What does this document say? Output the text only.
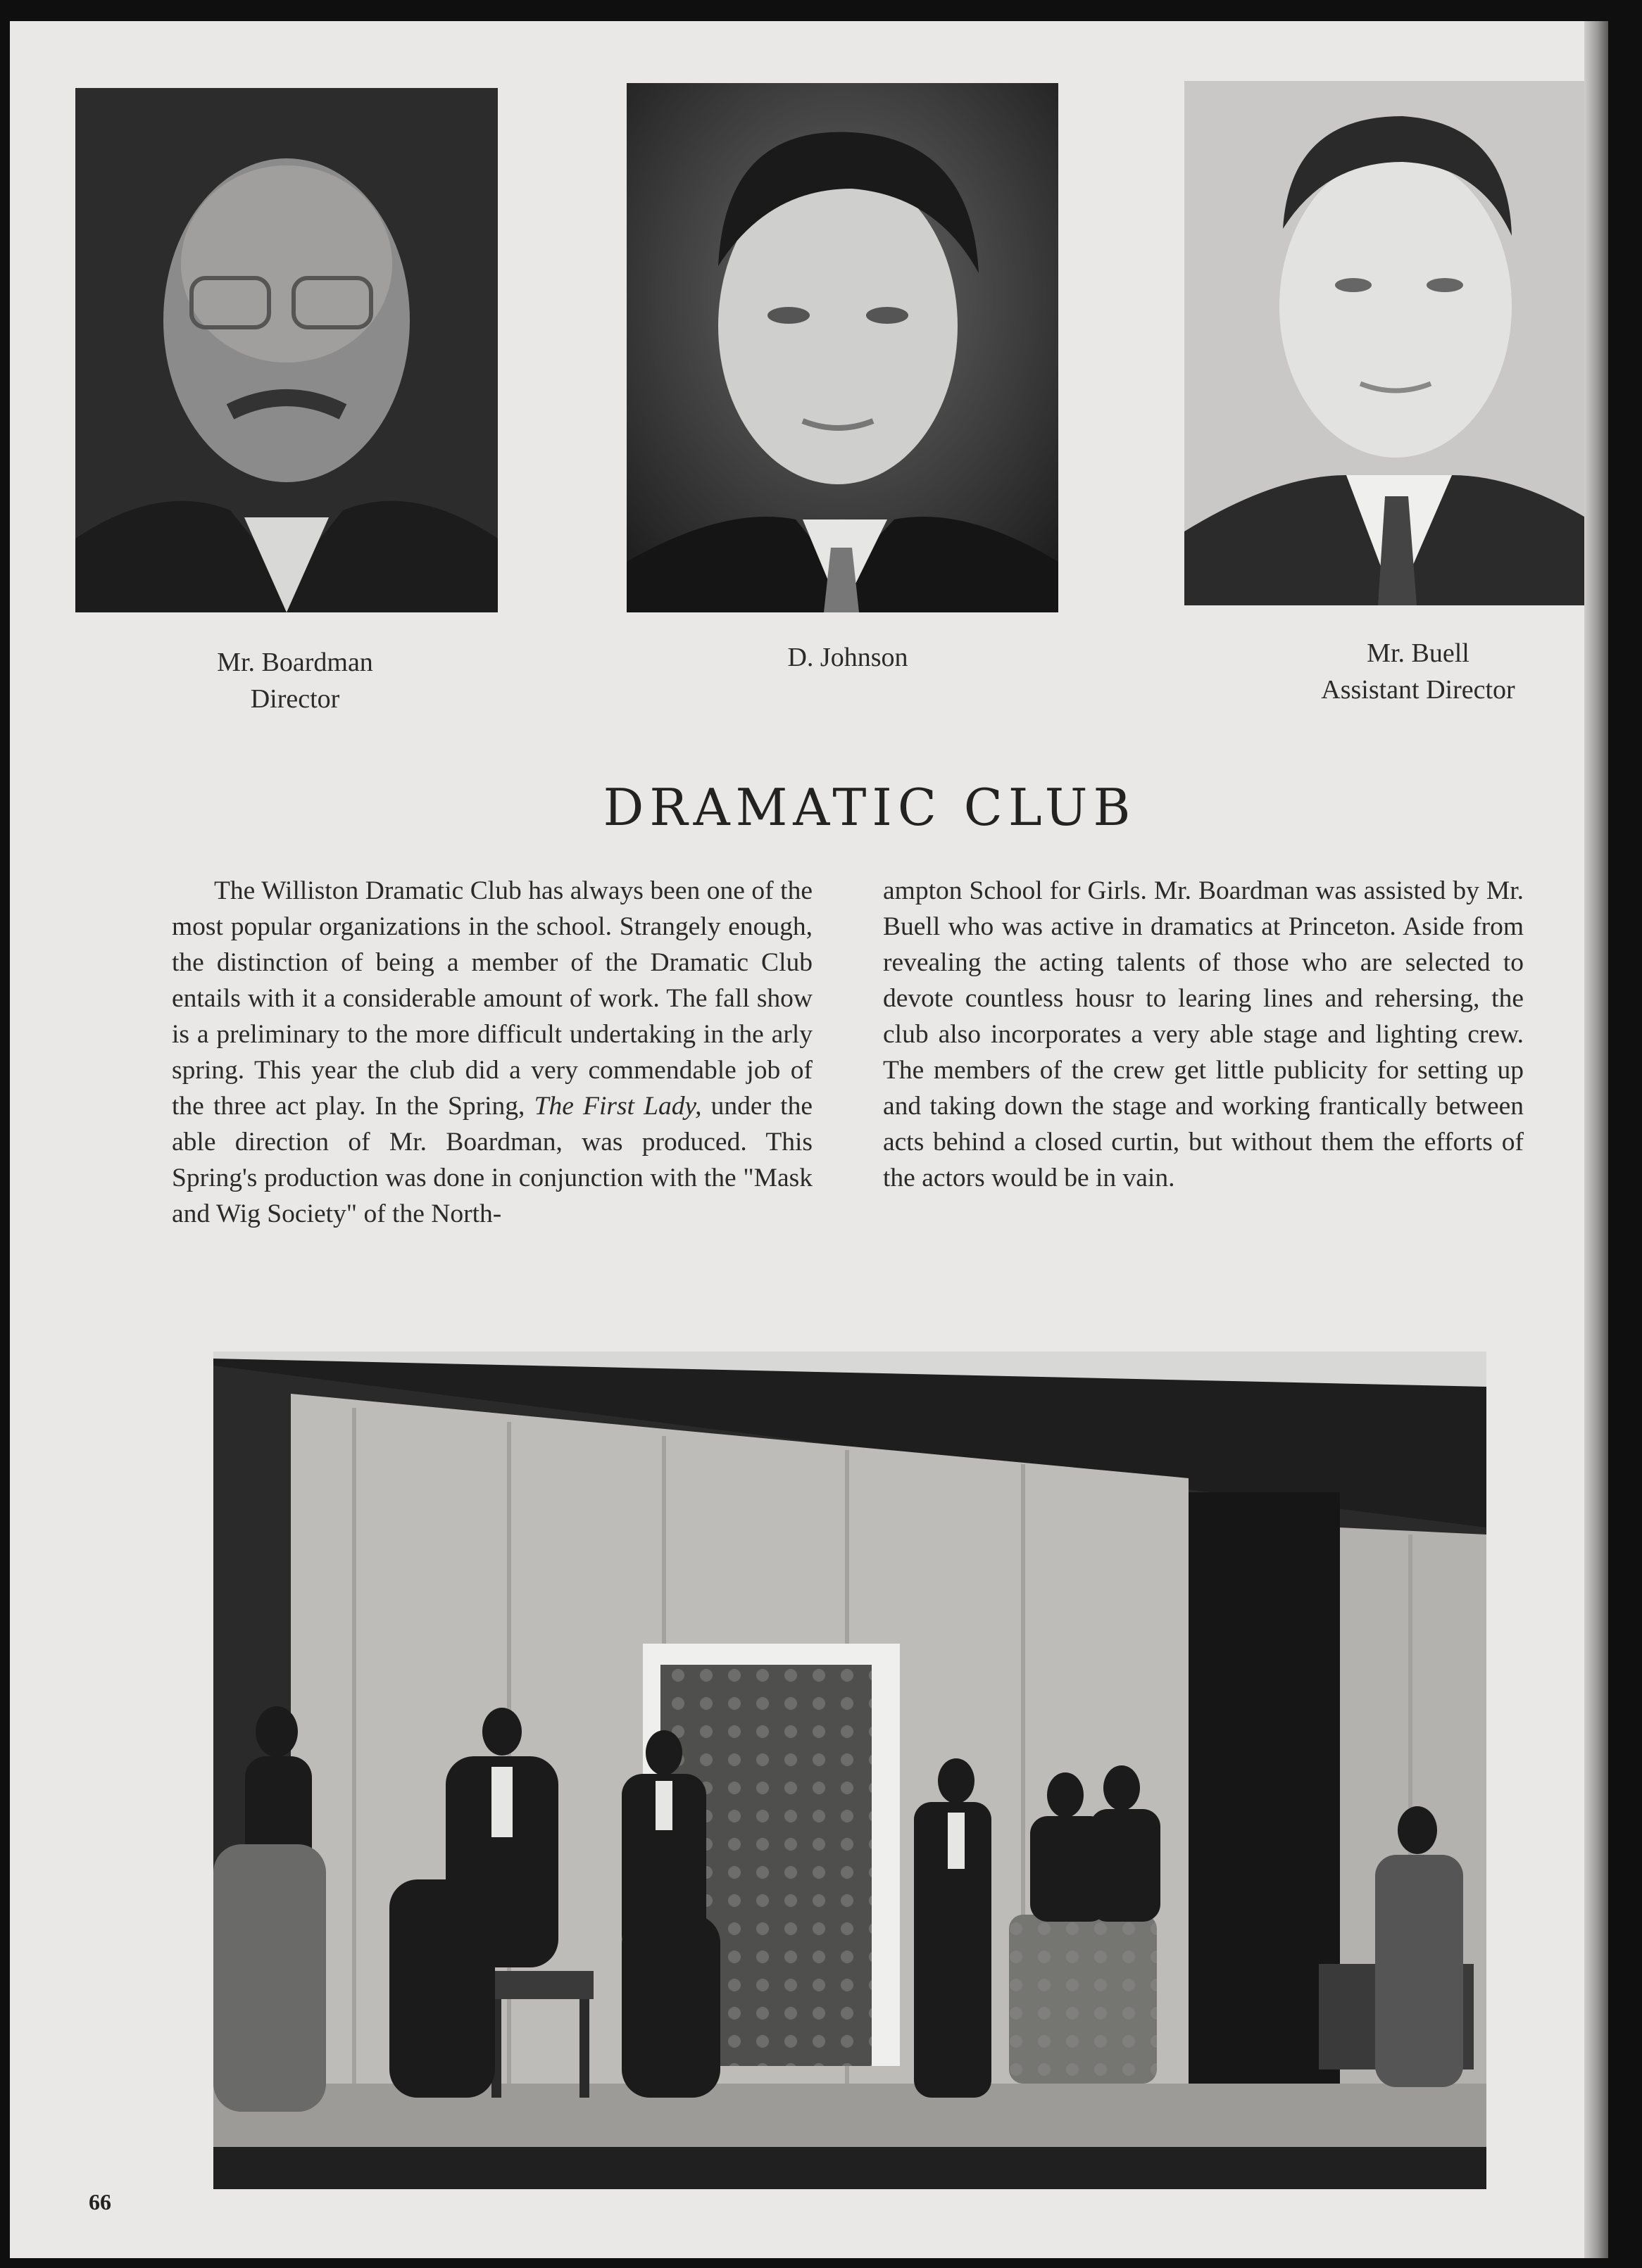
Mr. Boardman
Director
D. Johnson	Mr. Buell
Assistant Director
DRAMATIC CLUB

The Williston Dramatic Club has always been one of the most popular organizations in the school. Strangely enough, the distinction of being a member of the Dramatic Club entails with it a considerable amount of work. The fall show is a preliminary to the more difficult undertaking in the arly spring. This year the club did a very commendable job of the three act play. In the Spring, The First Lady, under the able direction of Mr. Boardman, was produced. This Spring's production was done in conjunction with the "Mask and Wig Society" of the North-

ampton School for Girls. Mr. Boardman was assisted by Mr. Buell who was active in dramatics at Princeton. Aside from revealing the acting talents of those who are selected to devote countless housr to learing lines and rehersing, the club also incorporates a very able stage and lighting crew. The members of the crew get little publicity for setting up and taking down the stage and working frantically between acts behind a closed curtin, but without them the efforts of the actors would be in vain.

66
